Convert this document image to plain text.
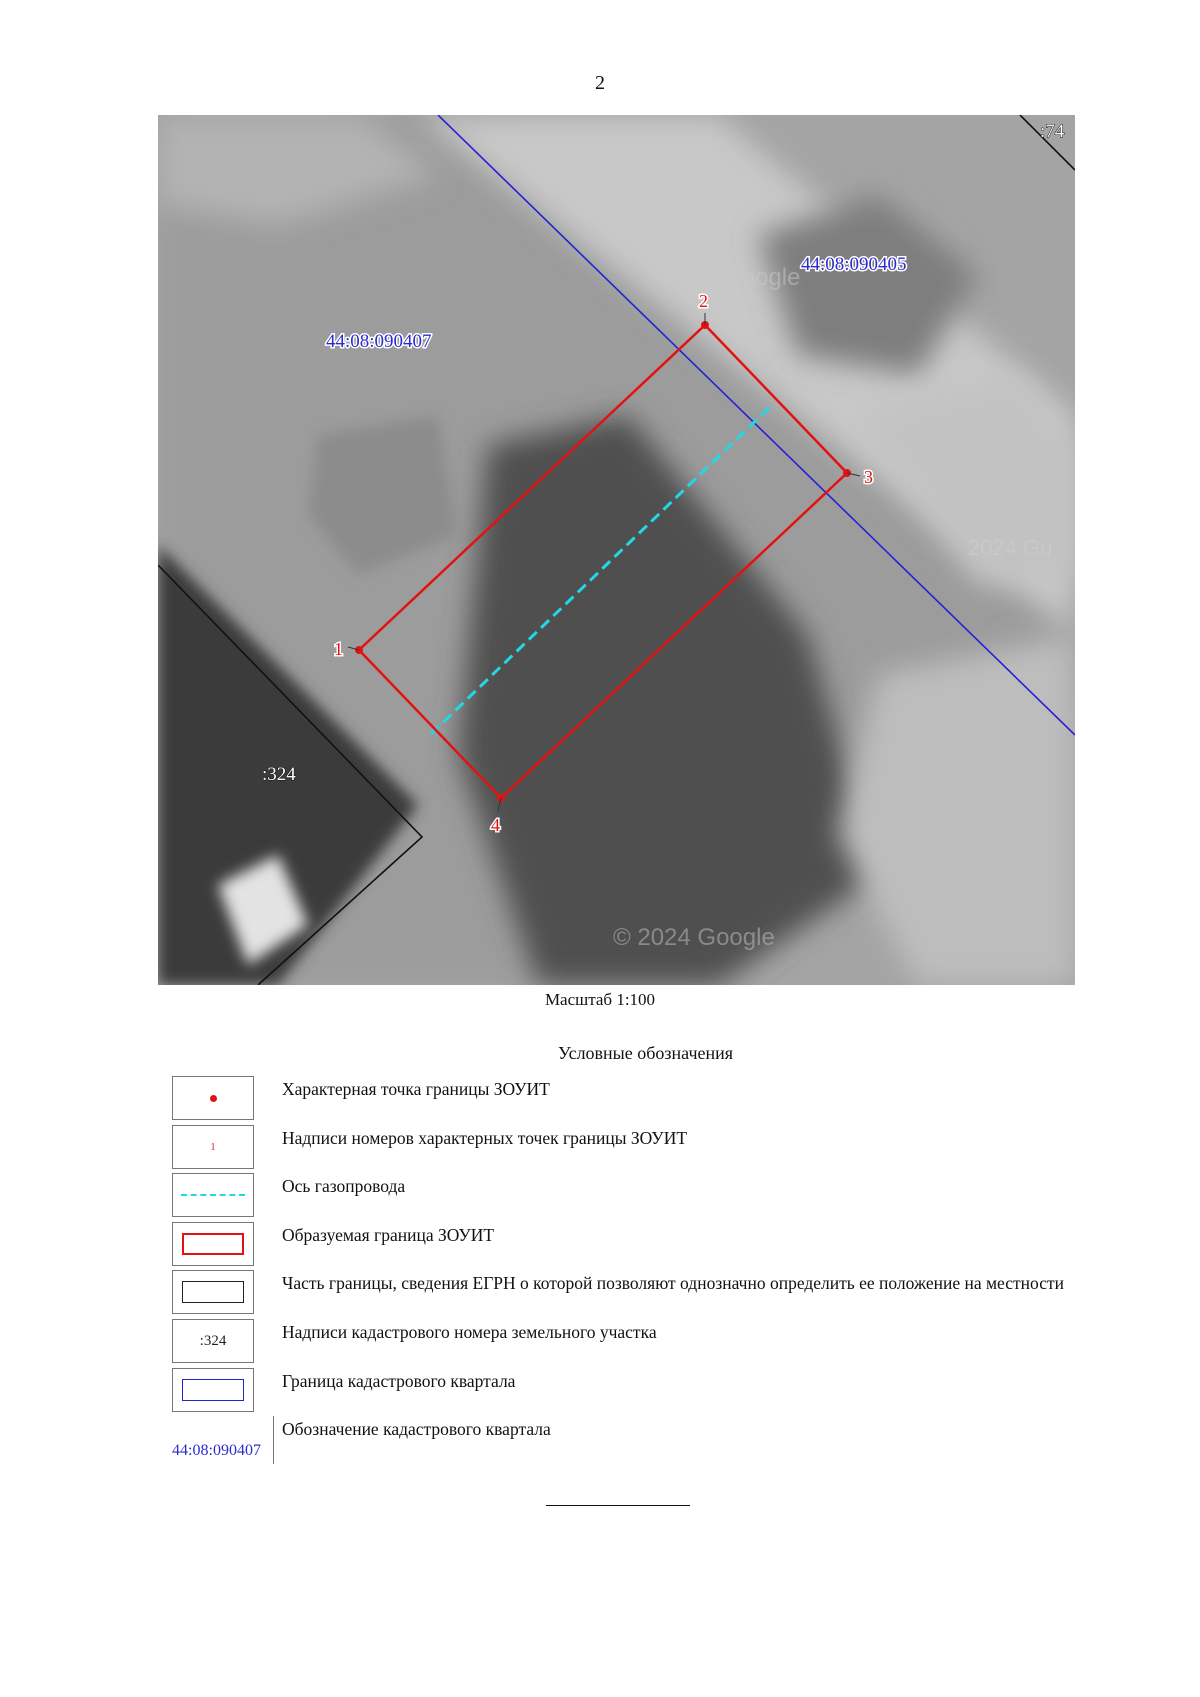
2
© 2024 Google
2024 Google
2024 Go
1
2
3
4
44:08:090407
44:08:090405
:324
:74
Масштаб 1:100
Условные обозначения
Характерная точка границы ЗОУИТ
1	Надписи номеров характерных точек границы ЗОУИТ
Ось газопровода
Образуемая граница ЗОУИТ
Часть границы, сведения ЕГРН о которой позволяют однозначно определить ее положение на местности
:324	Надписи кадастрового номера земельного участка
Граница кадастрового квартала
44:08:090407
Обозначение кадастрового квартала
